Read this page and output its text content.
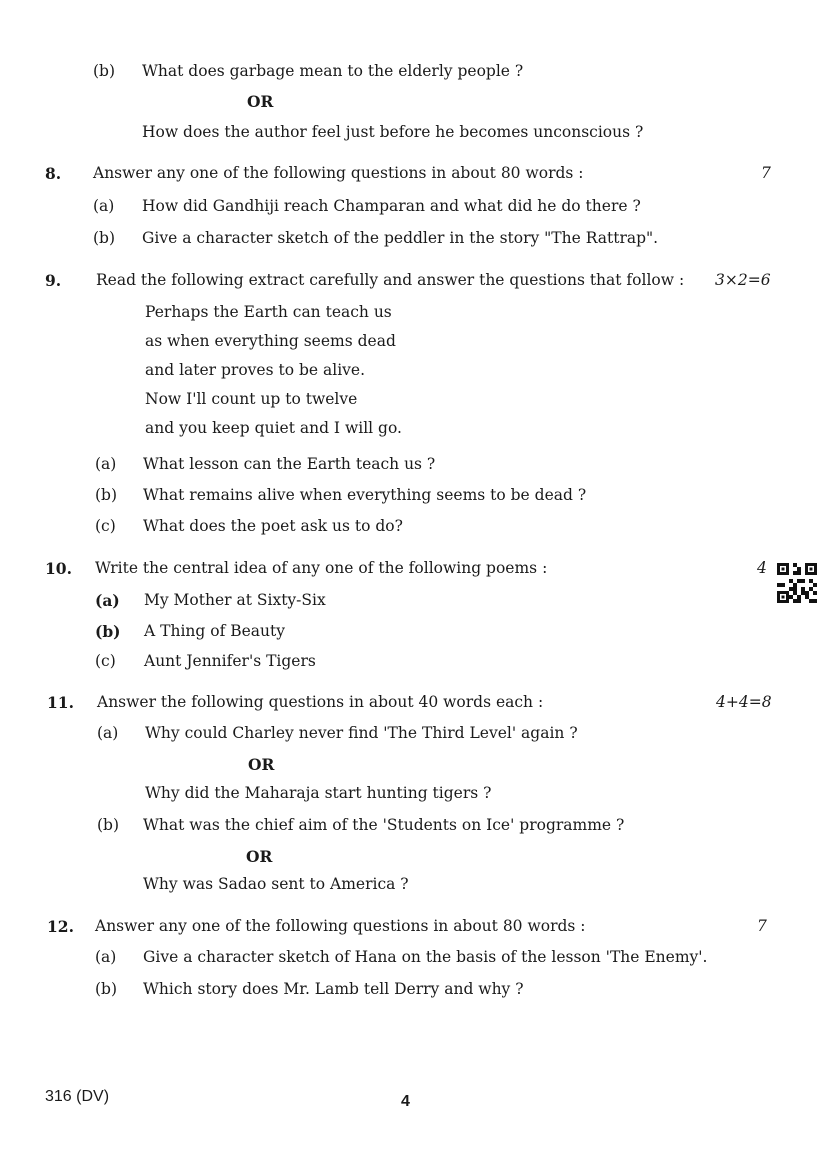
(b) What does garbage mean to the elderly people ?
OR
How does the author feel just before he becomes unconscious ?
8. Answer any one of the following questions in about 80 words :	7
(a) How did Gandhiji reach Champaran and what did he do there ?
(b) Give a character sketch of the peddler in the story "The Rattrap".
9. Read the following extract carefully and answer the questions that follow : 3×2=6
Perhaps the Earth can teach us
as when everything seems dead
and later proves to be alive.
Now I'll count up to twelve
and you keep quiet and I will go.
(a) What lesson can the Earth teach us ?
(b) What remains alive when everything seems to be dead ?
(c) What does the poet ask us to do?
10. Write the central idea of any one of the following poems :	4
(a) My Mother at Sixty-Six
(b) A Thing of Beauty
(c) Aunt Jennifer's Tigers
11. Answer the following questions in about 40 words each :	4+4=8
(a) Why could Charley never find 'The Third Level' again ?
OR
Why did the Maharaja start hunting tigers ?
(b) What was the chief aim of the 'Students on Ice' programme ?
OR
Why was Sadao sent to America ?
12. Answer any one of the following questions in about 80 words :	7
(a) Give a character sketch of Hana on the basis of the lesson 'The Enemy'.
(b) Which story does Mr. Lamb tell Derry and why ?
316 (DV)	4
